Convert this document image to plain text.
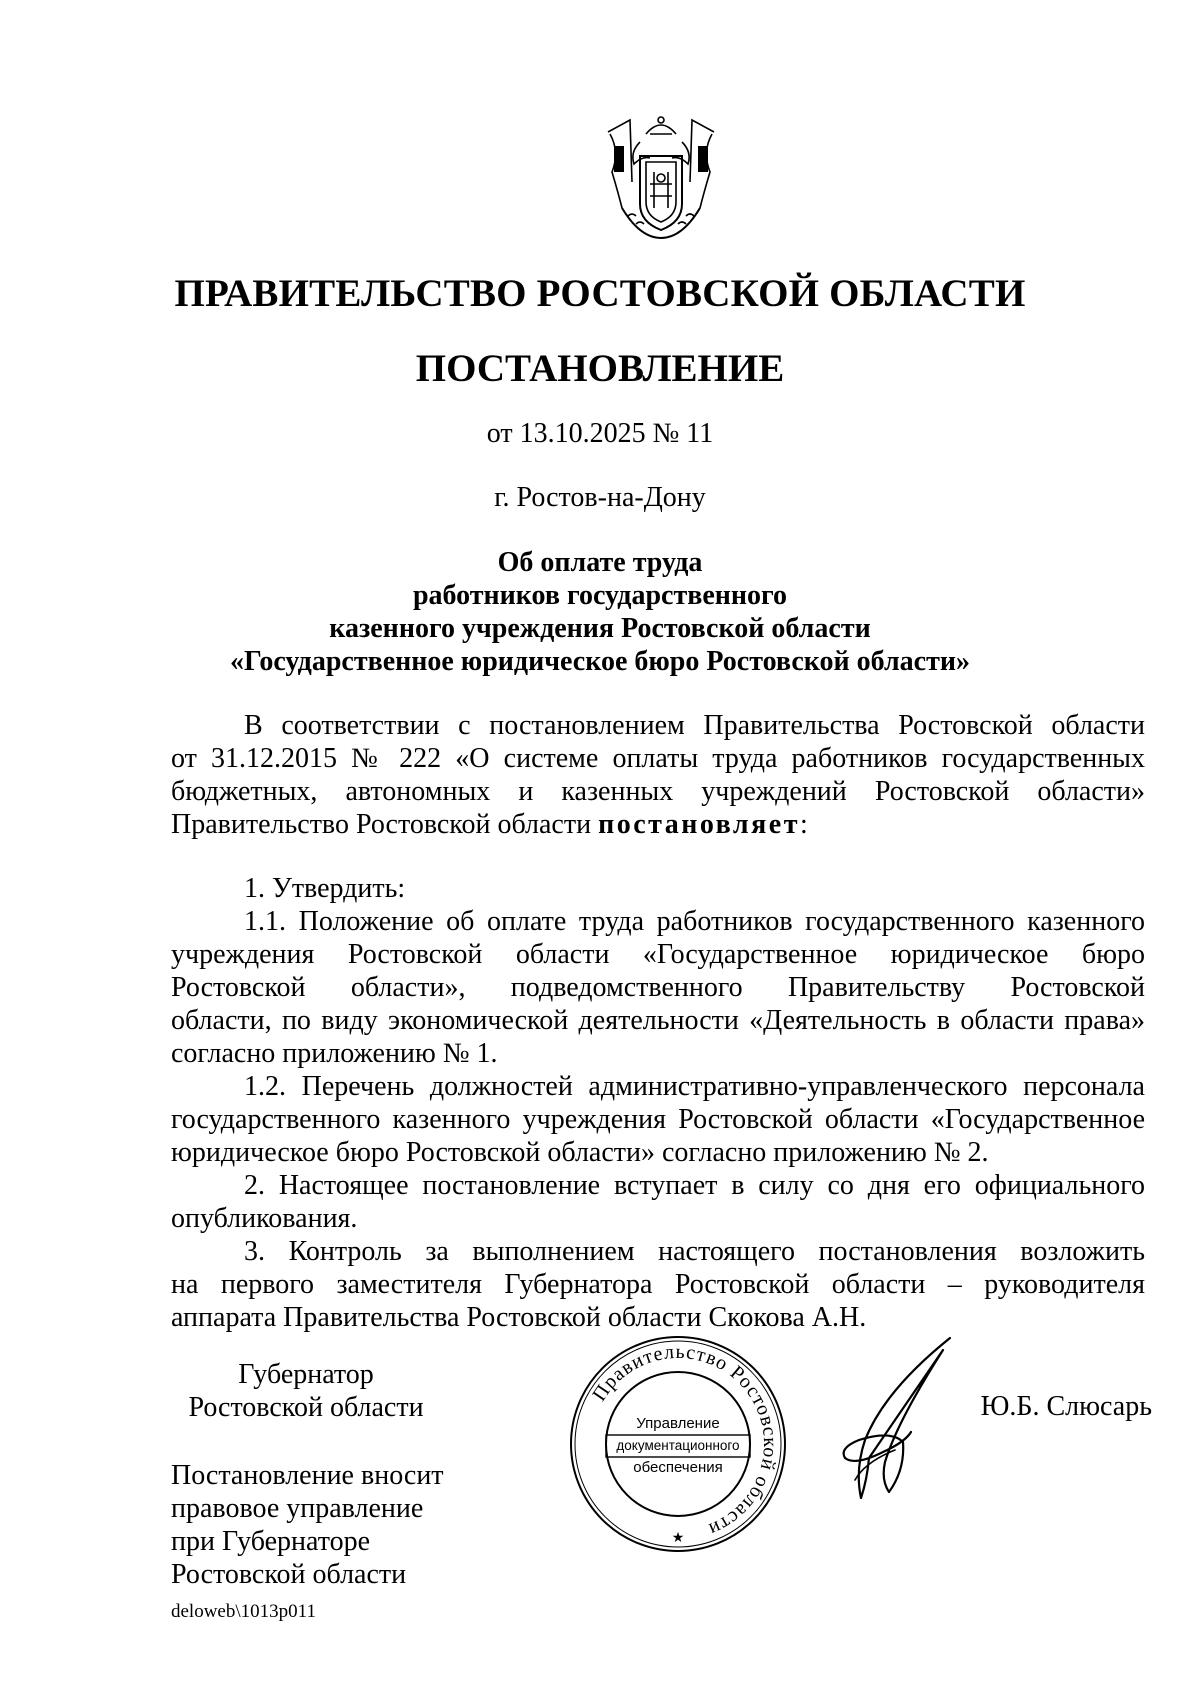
ПРАВИТЕЛЬСТВО РОСТОВСКОЙ ОБЛАСТИ
ПОСТАНОВЛЕНИЕ
от 13.10.2025 № 11
г. Ростов-на-Дону
Об оплате труда
работников государственного
казенного учреждения Ростовской области
«Государственное юридическое бюро Ростовской области»
В соответствии с постановлением Правительства Ростовской области
от 31.12.2015 № 222 «О системе оплаты труда работников государственных
бюджетных, автономных и казенных учреждений Ростовской области»
Правительство Ростовской области постановляет:
1. Утвердить:
1.1. Положение об оплате труда работников государственного казенного
учреждения Ростовской области «Государственное юридическое бюро
Ростовской области», подведомственного Правительству Ростовской
области, по виду экономической деятельности «Деятельность в области права»
согласно приложению № 1.
1.2. Перечень должностей административно-управленческого персонала
государственного казенного учреждения Ростовской области «Государственное
юридическое бюро Ростовской области» согласно приложению № 2.
2. Настоящее постановление вступает в силу со дня его официального
опубликования.
3. Контроль за выполнением настоящего постановления возложить
на первого заместителя Губернатора Ростовской области – руководителя
аппарата Правительства Ростовской области Скокова А.Н.
Губернатор
Ростовской области	Правительство Ростовской области
Управление
документационного
обеспечения
★
Ю.Б. Слюсарь
Постановление вносит
правовое управление
при Губернаторе
Ростовской области
deloweb\1013p011
